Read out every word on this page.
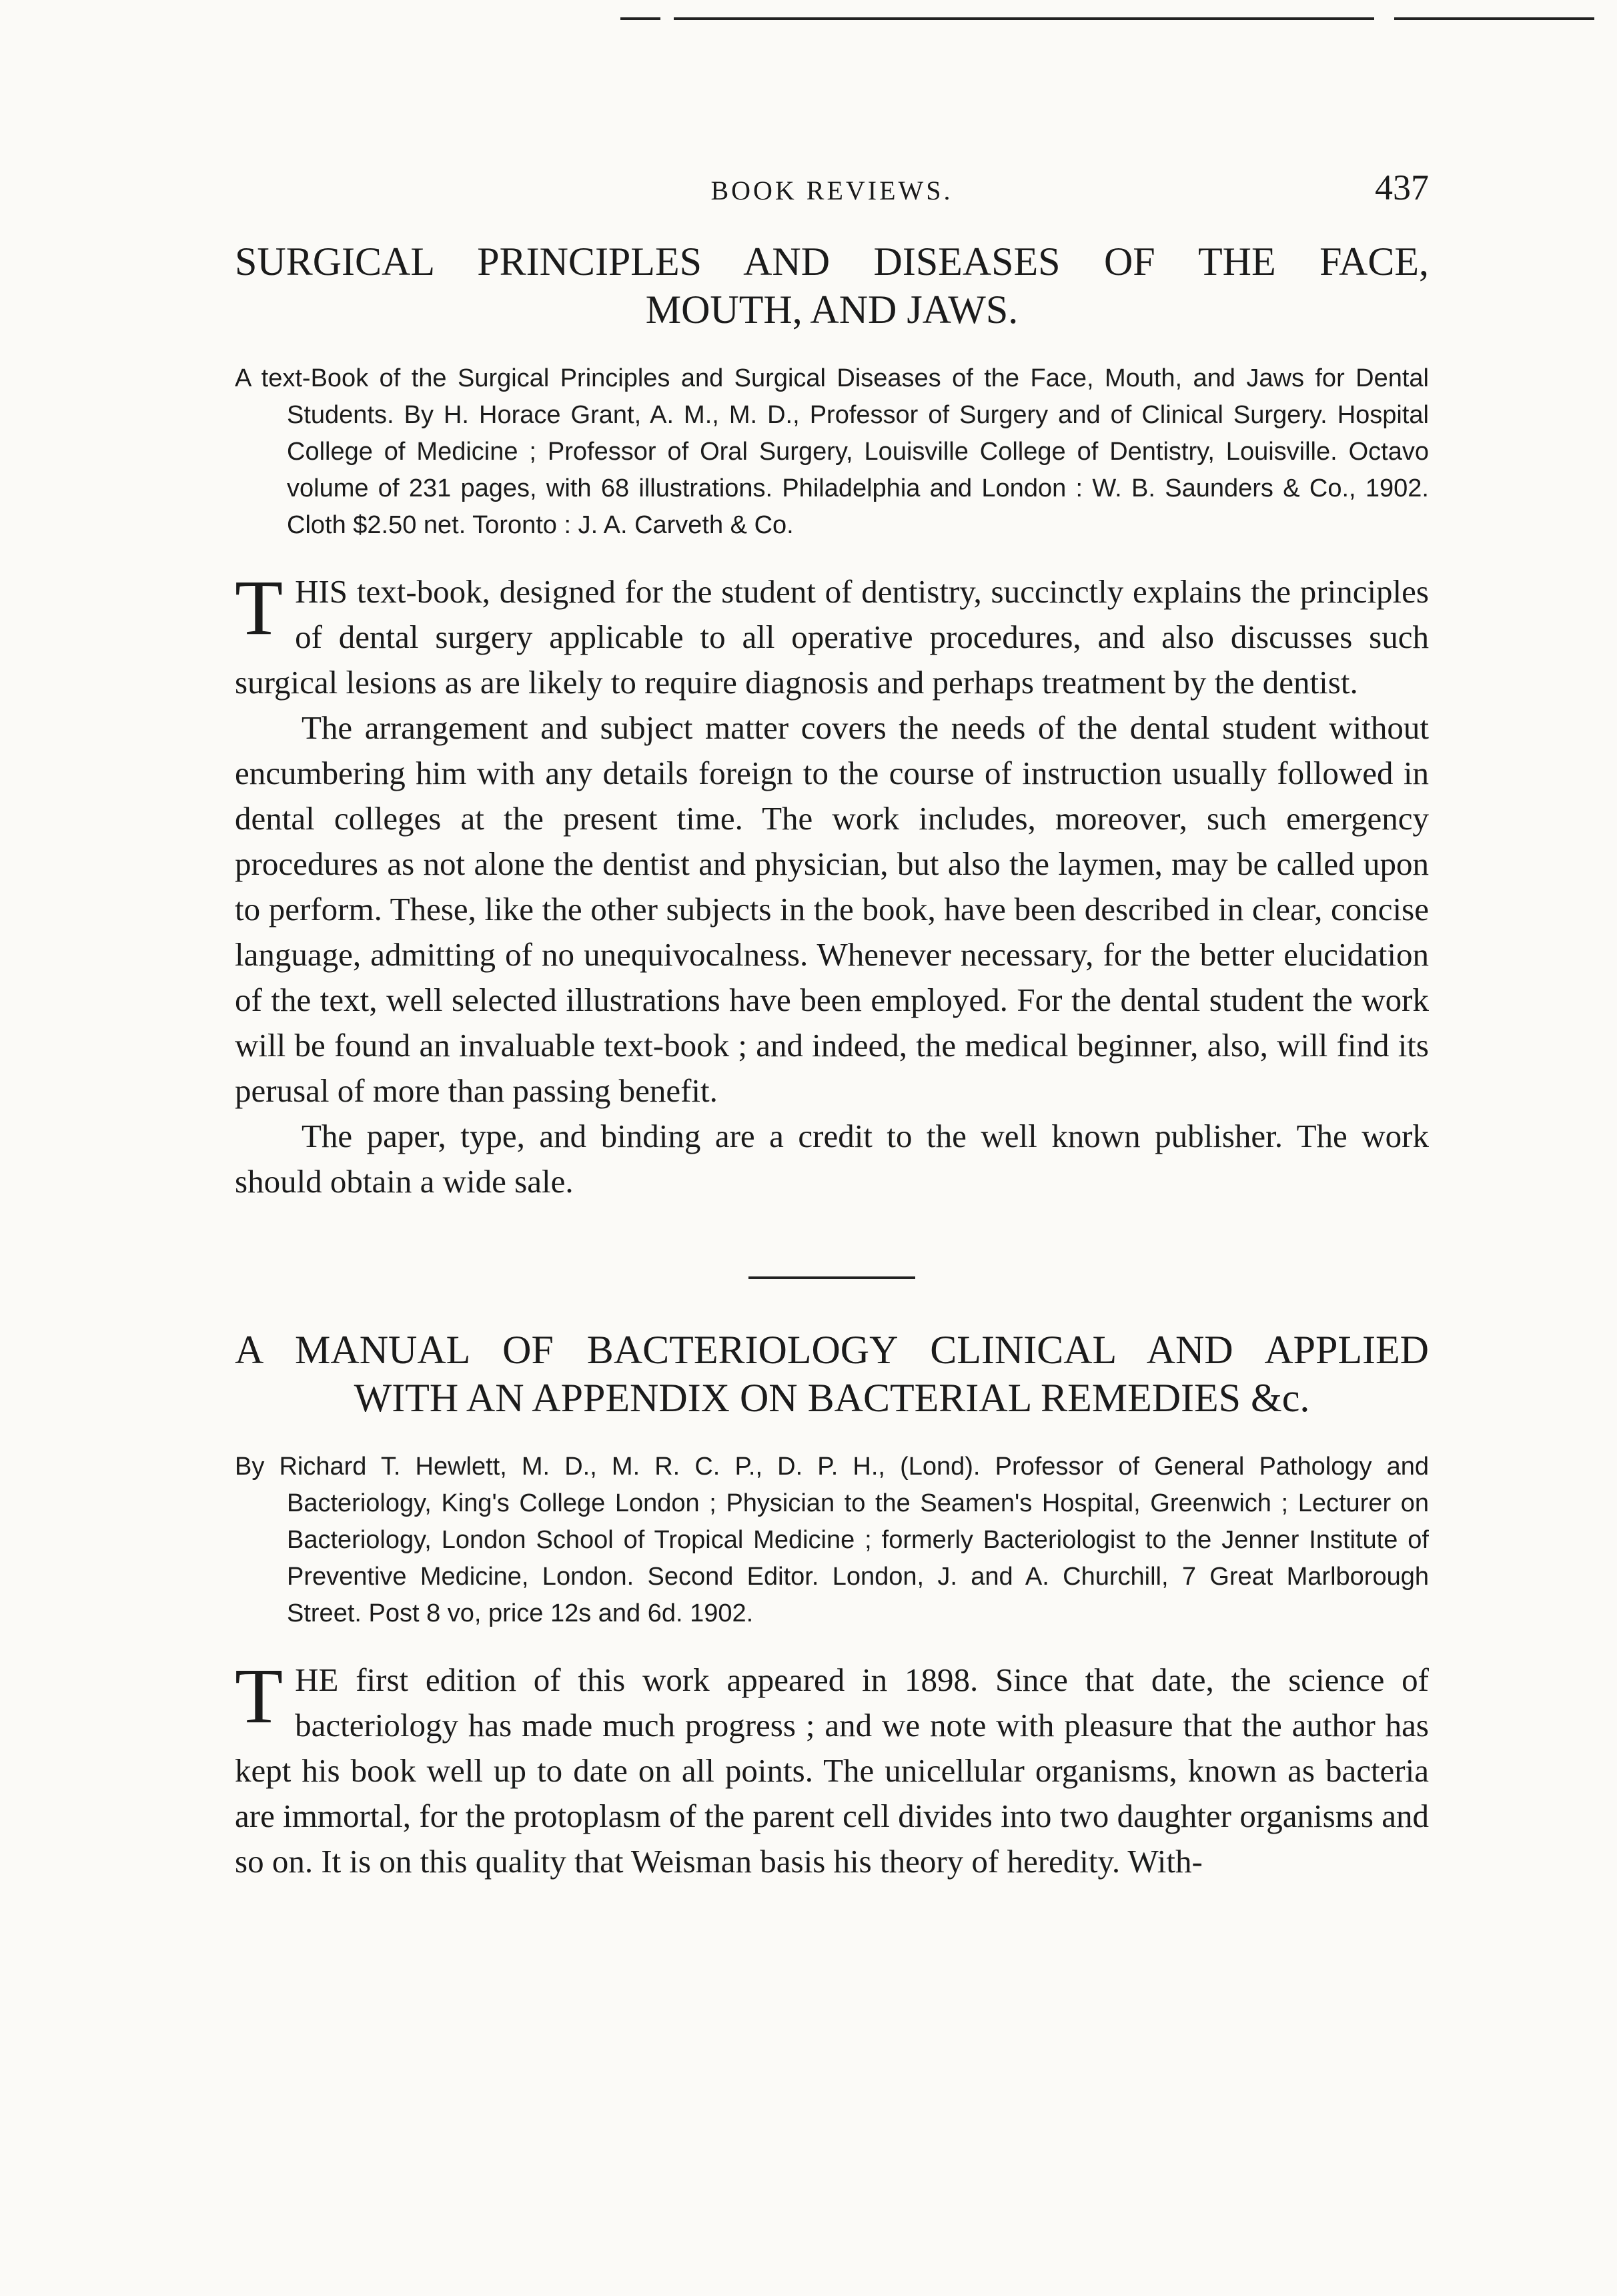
BOOK REVIEWS.	437
SURGICAL PRINCIPLES AND DISEASES OF THE FACE,
MOUTH, AND JAWS.

A text-Book of the Surgical Principles and Surgical Diseases of the Face, Mouth, and Jaws for Dental Students. By H. Horace Grant, A. M., M. D., Professor of Surgery and of Clinical Surgery. Hospital College of Medicine ; Professor of Oral Surgery, Louisville College of Dentistry, Louisville. Octavo volume of 231 pages, with 68 illustrations. Philadelphia and London : W. B. Saunders & Co., 1902. Cloth $2.50 net. Toronto : J. A. Carveth & Co.

THIS text-book, designed for the student of dentistry, succinctly explains the principles of dental surgery applicable to all operative procedures, and also discusses such surgical lesions as are likely to require diagnosis and perhaps treatment by the dentist.

The arrangement and subject matter covers the needs of the dental student without encumbering him with any details foreign to the course of instruction usually followed in dental colleges at the present time. The work includes, moreover, such emergency procedures as not alone the dentist and physician, but also the laymen, may be called upon to perform. These, like the other subjects in the book, have been described in clear, concise language, admitting of no unequivocalness. Whenever necessary, for the better elucidation of the text, well selected illustrations have been employed. For the dental student the work will be found an invaluable text-book ; and indeed, the medical beginner, also, will find its perusal of more than passing benefit.

The paper, type, and binding are a credit to the well known publisher. The work should obtain a wide sale.

A MANUAL OF BACTERIOLOGY CLINICAL AND APPLIED
WITH AN APPENDIX ON BACTERIAL REMEDIES &c.

By Richard T. Hewlett, M. D., M. R. C. P., D. P. H., (Lond). Professor of General Pathology and Bacteriology, King's College London ; Physician to the Seamen's Hospital, Greenwich ; Lecturer on Bacteriology, London School of Tropical Medicine ; formerly Bacteriologist to the Jenner Institute of Preventive Medicine, London. Second Editor. London, J. and A. Churchill, 7 Great Marlborough Street. Post 8 vo, price 12s and 6d. 1902.

THE first edition of this work appeared in 1898. Since that date, the science of bacteriology has made much progress ; and we note with pleasure that the author has kept his book well up to date on all points. The unicellular organisms, known as bacteria are immortal, for the protoplasm of the parent cell divides into two daughter organisms and so on. It is on this quality that Weisman basis his theory of heredity. With-
